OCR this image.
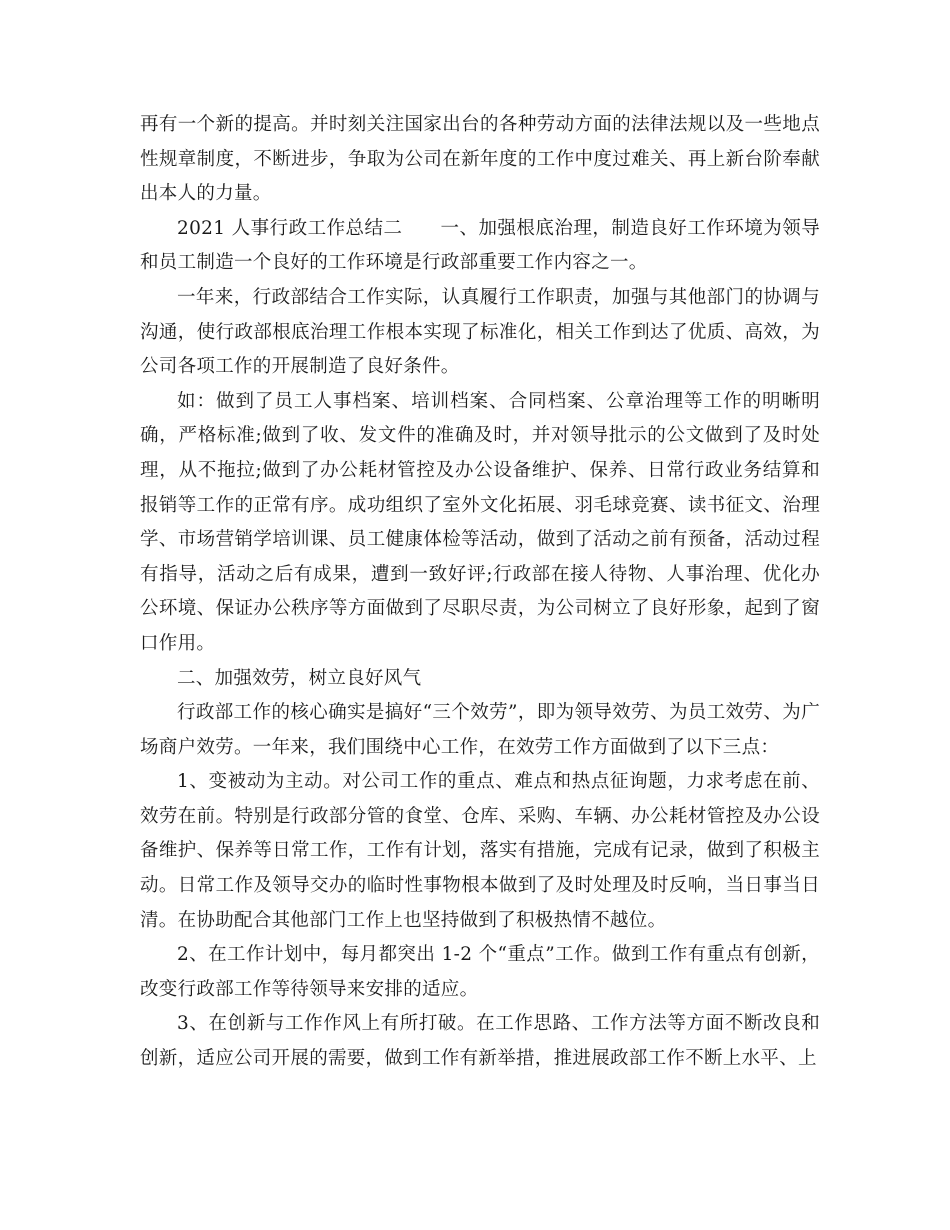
再有一个新的提高。并时刻关注国家出台的各种劳动方面的法律法规以及一些地点性规章制度，不断进步，争取为公司在新年度的工作中度过难关、再上新台阶奉献出本人的力量。

2021 人事行政工作总结二　　一、加强根底治理，制造良好工作环境为领导和员工制造一个良好的工作环境是行政部重要工作内容之一。

一年来，行政部结合工作实际，认真履行工作职责，加强与其他部门的协调与沟通，使行政部根底治理工作根本实现了标准化，相关工作到达了优质、高效，为公司各项工作的开展制造了良好条件。

如：做到了员工人事档案、培训档案、合同档案、公章治理等工作的明晰明确，严格标准;做到了收、发文件的准确及时，并对领导批示的公文做到了及时处理，从不拖拉;做到了办公耗材管控及办公设备维护、保养、日常行政业务结算和报销等工作的正常有序。成功组织了室外文化拓展、羽毛球竞赛、读书征文、治理学、市场营销学培训课、员工健康体检等活动，做到了活动之前有预备，活动过程有指导，活动之后有成果，遭到一致好评;行政部在接人待物、人事治理、优化办公环境、保证办公秩序等方面做到了尽职尽责，为公司树立了良好形象，起到了窗口作用。

二、加强效劳，树立良好风气

行政部工作的核心确实是搞好“三个效劳”，即为领导效劳、为员工效劳、为广场商户效劳。一年来，我们围绕中心工作，在效劳工作方面做到了以下三点：

1、变被动为主动。对公司工作的重点、难点和热点征询题，力求考虑在前、效劳在前。特别是行政部分管的食堂、仓库、采购、车辆、办公耗材管控及办公设备维护、保养等日常工作，工作有计划，落实有措施，完成有记录，做到了积极主动。日常工作及领导交办的临时性事物根本做到了及时处理及时反响，当日事当日清。在协助配合其他部门工作上也坚持做到了积极热情不越位。

2、在工作计划中，每月都突出 1-2 个“重点”工作。做到工作有重点有创新，改变行政部工作等待领导来安排的适应。

3、在创新与工作作风上有所打破。在工作思路、工作方法等方面不断改良和创新，适应公司开展的需要，做到工作有新举措，推进展政部工作不断上水平、上
